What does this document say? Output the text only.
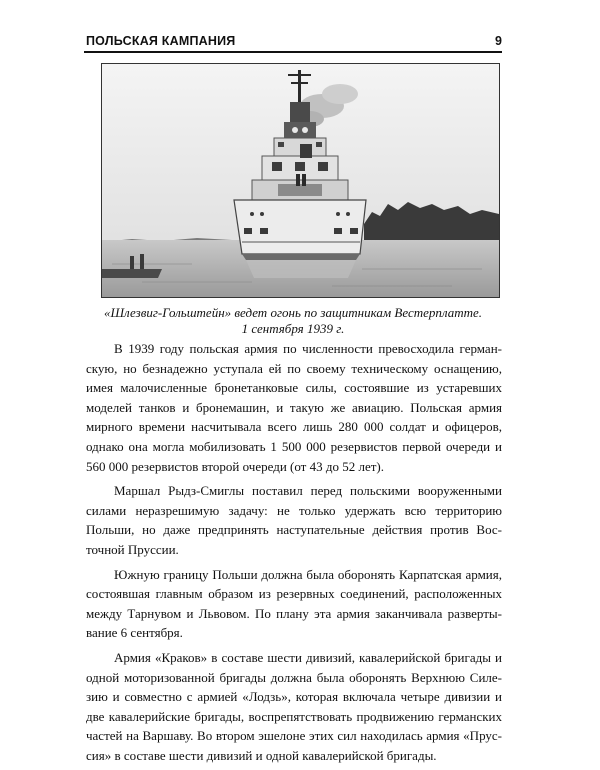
ПОЛЬСКАЯ КАМПАНИЯ	9
«Шлезвиг-Гольштейн» ведет огонь по защитникам Вестерплатте.
1 сентября 1939 г.

В 1939 году польская армия по численности превосходила герман-
скую, но безнадежно уступала ей по своему техническому оснащению,
имея малочисленные бронетанковые силы, состоявшие из устаревших
моделей танков и бронемашин, и такую же авиацию. Польская армия
мирного времени насчитывала всего лишь 280 000 солдат и офицеров,
однако она могла мобилизовать 1 500 000 резервистов первой очереди и
560 000 резервистов второй очереди (от 43 до 52 лет).

Маршал Рыдз-Смиглы поставил перед польскими вооруженными
силами неразрешимую задачу: не только удержать всю территорию
Польши, но даже предпринять наступательные действия против Вос-
точной Пруссии.

Южную границу Польши должна была оборонять Карпатская армия,
состоявшая главным образом из резервных соединений, расположенных
между Тарнувом и Львовом. По плану эта армия заканчивала разверты-
вание 6 сентября.

Армия «Краков» в составе шести дивизий, кавалерийской бригады и
одной моторизованной бригады должна была оборонять Верхнюю Силе-
зию и совместно с армией «Лодзь», которая включала четыре дивизии и
две кавалерийские бригады, воспрепятствовать продвижению германских
частей на Варшаву. Во втором эшелоне этих сил находилась армия «Прус-
сия» в составе шести дивизий и одной кавалерийской бригады.
